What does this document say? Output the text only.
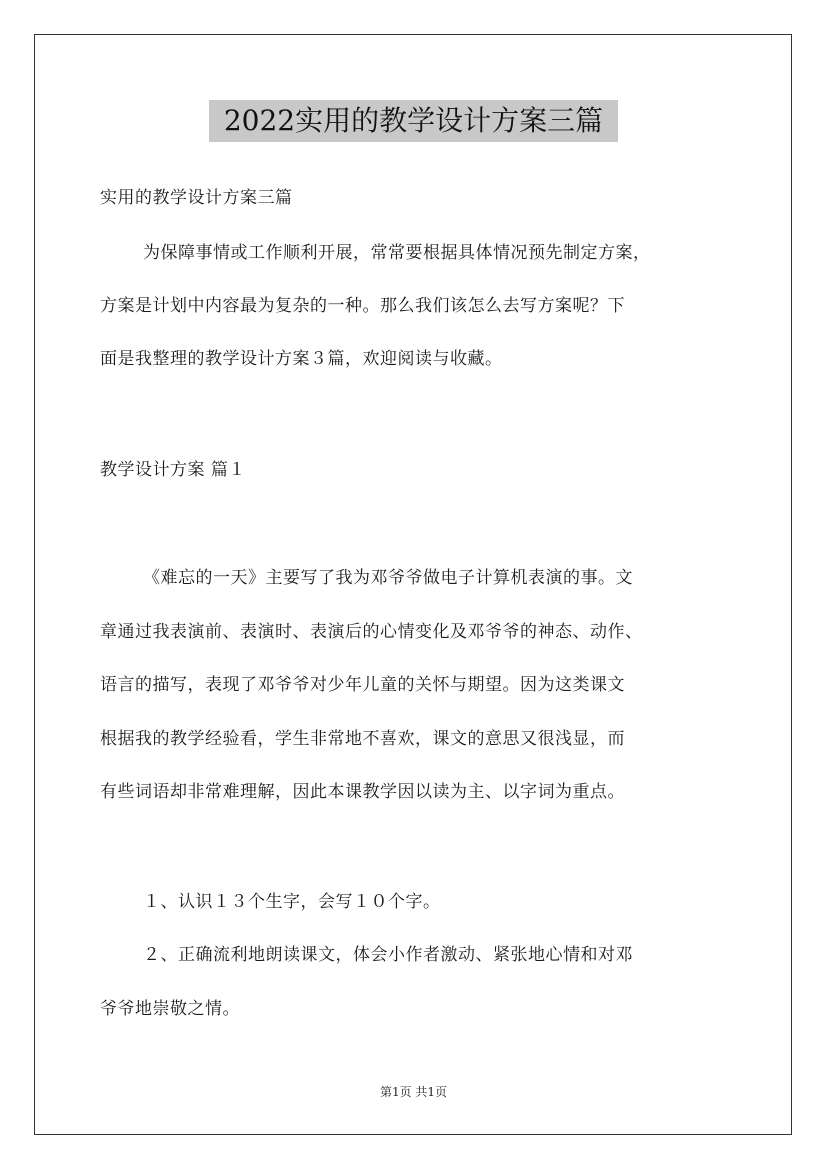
2022实用的教学设计方案三篇
实用的教学设计方案三篇
为保障事情或工作顺利开展，常常要根据具体情况预先制定方案，
方案是计划中内容最为复杂的一种。那么我们该怎么去写方案呢？下
面是我整理的教学设计方案３篇，欢迎阅读与收藏。
教学设计方案 篇１
《难忘的一天》主要写了我为邓爷爷做电子计算机表演的事。文
章通过我表演前、表演时、表演后的心情变化及邓爷爷的神态、动作、
语言的描写，表现了邓爷爷对少年儿童的关怀与期望。因为这类课文
根据我的教学经验看，学生非常地不喜欢，课文的意思又很浅显，而
有些词语却非常难理解，因此本课教学因以读为主、以字词为重点。
１、认识１３个生字，会写１０个字。
２、正确流利地朗读课文，体会小作者激动、紧张地心情和对邓
爷爷地崇敬之情。
第1页 共1页
